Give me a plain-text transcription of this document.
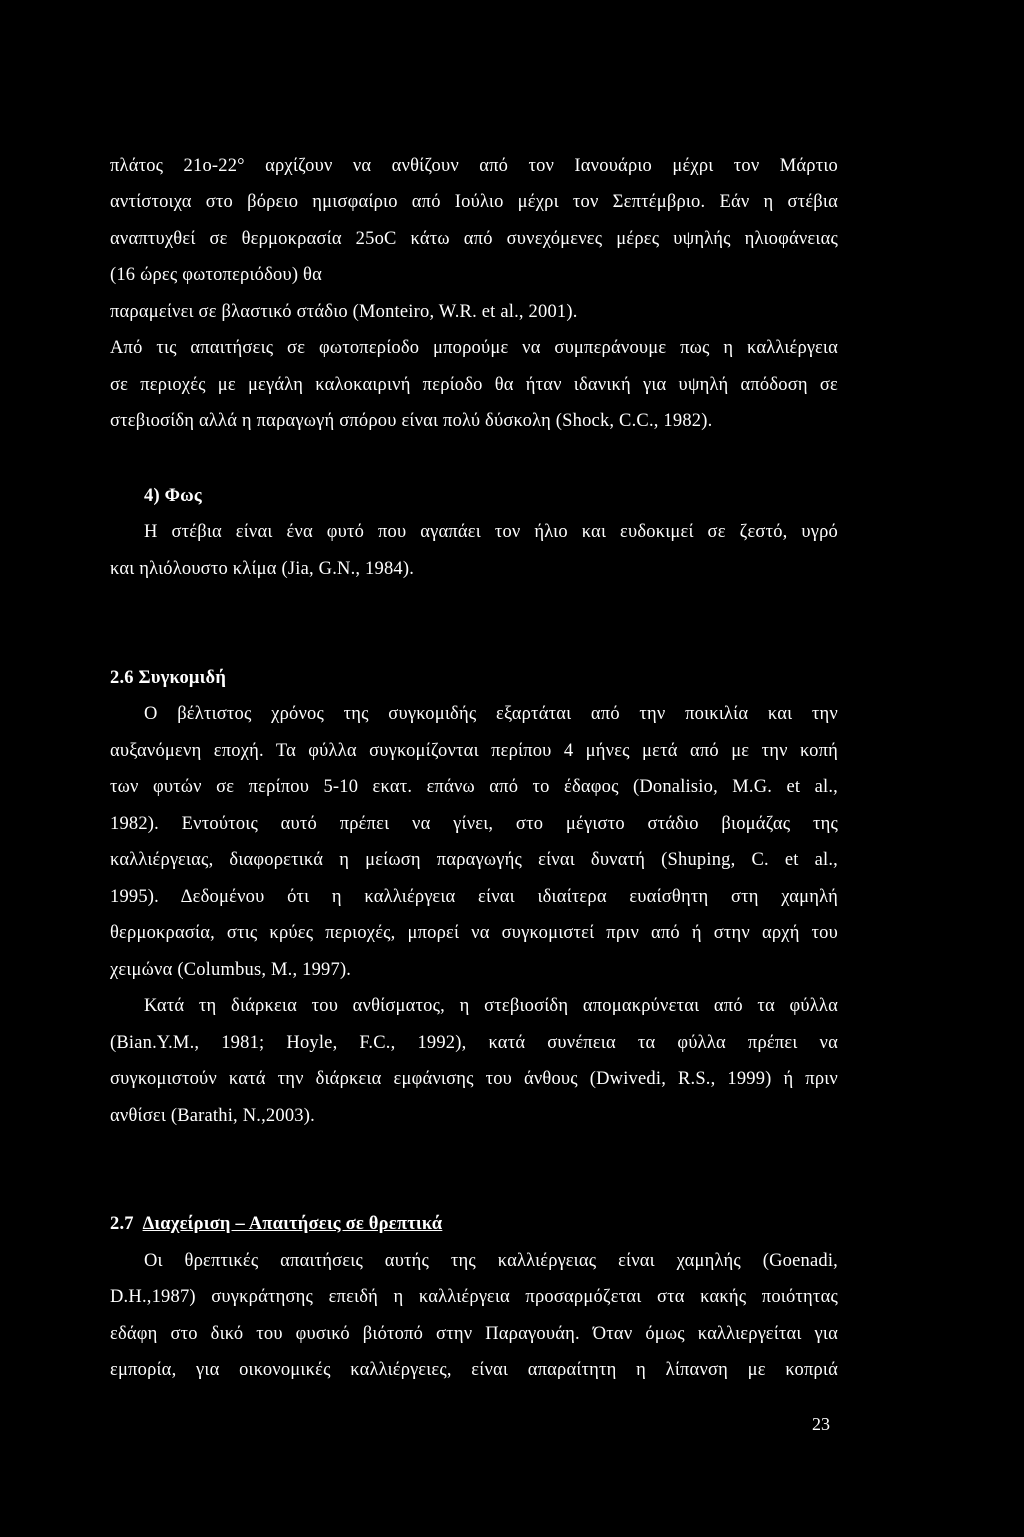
πλάτος 21ο-22° αρχίζουν να ανθίζουν από τον Ιανουάριο μέχρι τον Μάρτιο
αντίστοιχα στο βόρειο ημισφαίριο από Ιούλιο μέχρι τον Σεπτέμβριο. Εάν η στέβια
αναπτυχθεί σε θερμοκρασία 25oC κάτω από συνεχόμενες μέρες υψηλής ηλιοφάνειας
(16 ώρες φωτοπεριόδου) θα
παραμείνει σε βλαστικό στάδιο (Monteiro, W.R. et al., 2001).
Από τις απαιτήσεις σε φωτοπερίοδο μπορούμε να συμπεράνουμε πως η καλλιέργεια
σε περιοχές με μεγάλη καλοκαιρινή περίοδο θα ήταν ιδανική για υψηλή απόδοση σε
στεβιοσίδη αλλά η παραγωγή σπόρου είναι πολύ δύσκολη (Shock, C.C., 1982).
4) Φως
Η στέβια είναι ένα φυτό που αγαπάει τον ήλιο και ευδοκιμεί σε ζεστό, υγρό
και ηλιόλουστο κλίμα (Jia, G.N., 1984).
2.6 Συγκομιδή
Ο βέλτιστος χρόνος της συγκομιδής εξαρτάται από την ποικιλία και την
αυξανόμενη εποχή. Τα φύλλα συγκομίζονται περίπου 4 μήνες μετά από με την κοπή
των φυτών σε περίπου 5-10 εκατ. επάνω από το έδαφος (Donalisio, M.G. et al.,
1982). Εντούτοις αυτό πρέπει να γίνει, στο μέγιστο στάδιο βιομάζας της
καλλιέργειας, διαφορετικά η μείωση παραγωγής είναι δυνατή (Shuping, C. et al.,
1995). Δεδομένου ότι η καλλιέργεια είναι ιδιαίτερα ευαίσθητη στη χαμηλή
θερμοκρασία, στις κρύες περιοχές, μπορεί να συγκομιστεί πριν από ή στην αρχή του
χειμώνα (Columbus, M., 1997).
Κατά τη διάρκεια του ανθίσματος, η στεβιοσίδη απομακρύνεται από τα φύλλα
(Bian.Y.M., 1981; Hoyle, F.C., 1992), κατά συνέπεια τα φύλλα πρέπει να
συγκομιστούν κατά την διάρκεια εμφάνισης του άνθους (Dwivedi, R.S., 1999) ή πριν
ανθίσει (Barathi, N.,2003).
2.7 Διαχείριση – Απαιτήσεις σε θρεπτικά
Οι θρεπτικές απαιτήσεις αυτής της καλλιέργειας είναι χαμηλής (Goenadi,
D.H.,1987) συγκράτησης επειδή η καλλιέργεια προσαρμόζεται στα κακής ποιότητας
εδάφη στο δικό του φυσικό βιότοπό στην Παραγουάη. Όταν όμως καλλιεργείται για
εμπορία, για οικονομικές καλλιέργειες, είναι απαραίτητη η λίπανση με κοπριά
23
